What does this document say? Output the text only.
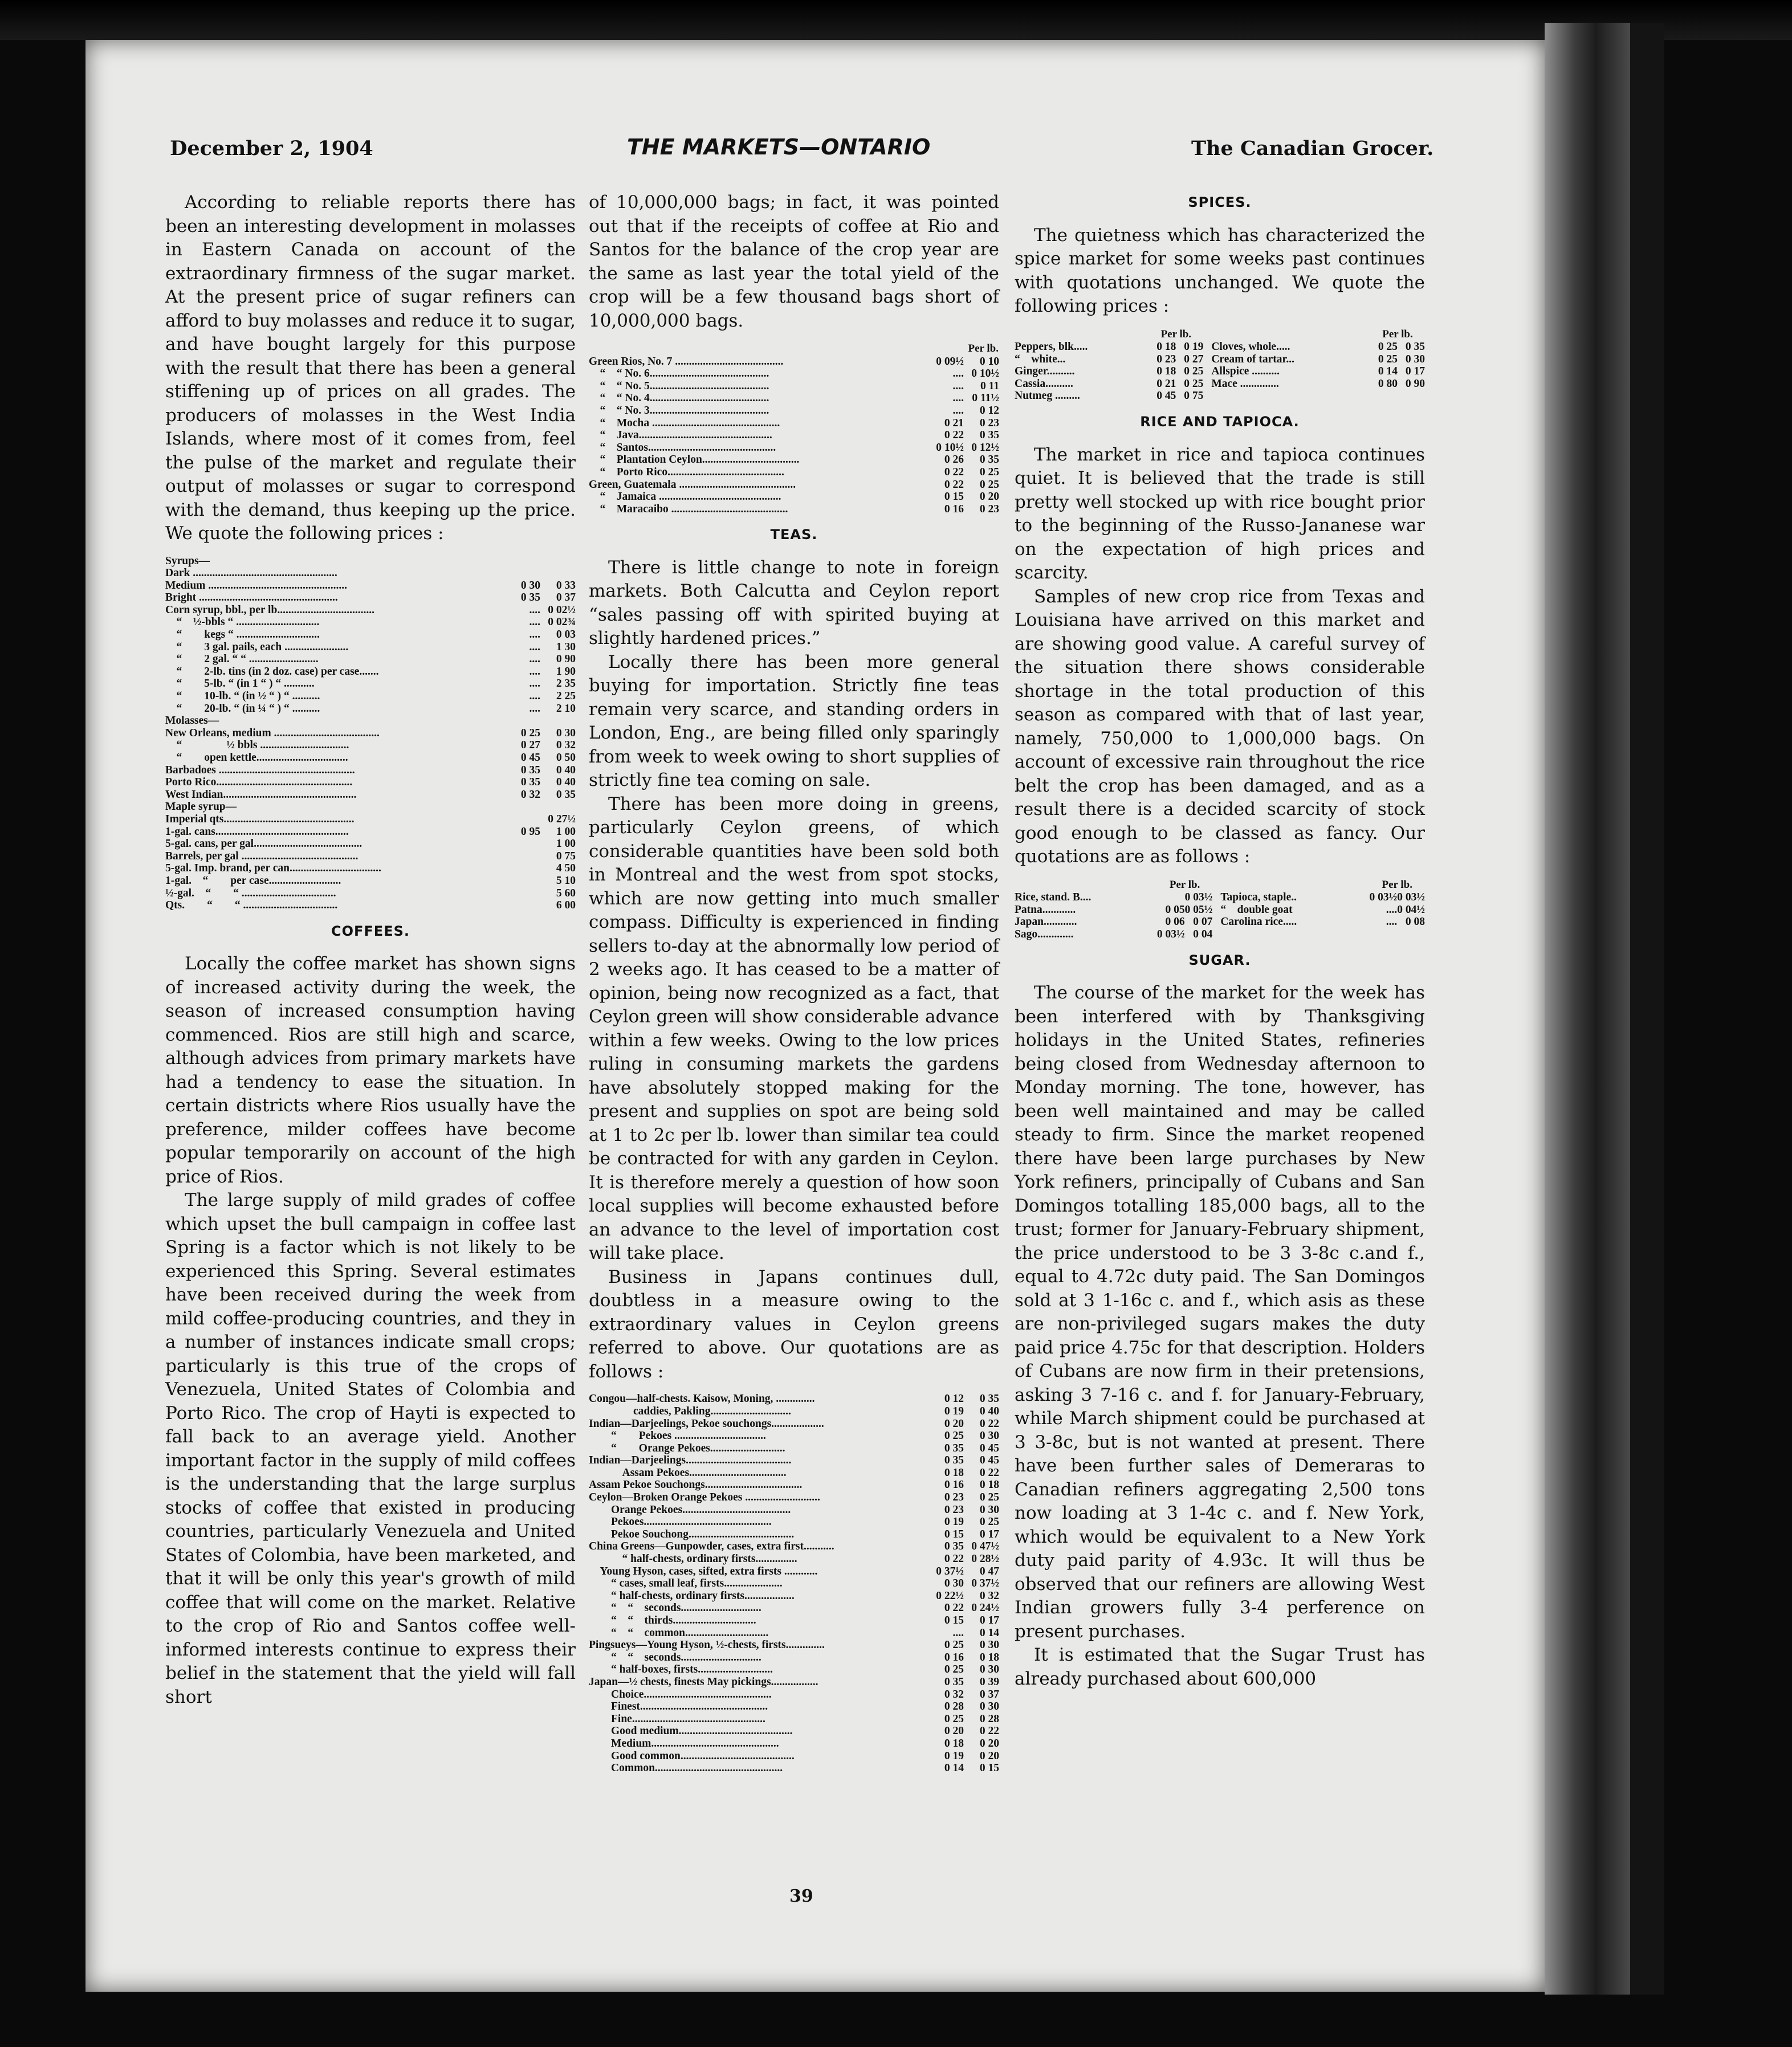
December 2, 1904	THE MARKETS—ONTARIO	The Canadian Grocer.

According to reliable reports there has been an interesting development in molasses in Eastern Canada on account of the extraordinary firmness of the sugar market. At the present price of sugar refiners can afford to buy molasses and reduce it to sugar, and have bought largely for this purpose with the result that there has been a general stiffening up of prices on all grades. The producers of molasses in the West India Islands, where most of it comes from, feel the pulse of the market and regulate their output of molasses or sugar to correspond with the demand, thus keeping up the price. We quote the following prices :

Syrups—		
Dark ....................................................		
Medium ..................................................	0 30	0 33
Bright ..................................................	0 35	0 37
Corn syrup, bbl., per lb...................................	....	0 02½
 “ ½-bbls “ ..............................	....	0 02¾
 “  kegs “ ..............................	....	0 03
 “  3 gal. pails, each .......................	....	1 30
 “  2 gal. “ “ .........................	....	0 90
 “  2-lb. tins (in 2 doz. case) per case.......	....	1 90
 “  5-lb. “ (in 1 “ ) “ ...........	....	2 35
 “  10-lb. “ (in ½ “ ) “ ..........	....	2 25
 “  20-lb. “ (in ¼ “ ) “ ..........	....	2 10
Molasses—		
New Orleans, medium ......................................	0 25	0 30
 “    ½ bbls ................................	0 27	0 32
 “  open kettle.................................	0 45	0 50
Barbadoes .................................................	0 35	0 40
Porto Rico.................................................	0 35	0 40
West Indian................................................	0 32	0 35
Maple syrup—		
Imperial qts...............................................		0 27½
1-gal. cans................................................	0 95	1 00
5-gal. cans, per gal.......................................		1 00
Barrels, per gal ..........................................		0 75
5-gal. Imp. brand, per can.................................		4 50
1-gal. “  per case..........................		5 10
½-gal. “  “ ..................................		5 60
Qts.  “  “ ..................................		6 00
COFFEES.

Locally the coffee market has shown signs of increased activity during the week, the season of increased consumption having commenced. Rios are still high and scarce, although advices from primary markets have had a tendency to ease the situation. In certain districts where Rios usually have the preference, milder coffees have become popular temporarily on account of the high price of Rios.

The large supply of mild grades of coffee which upset the bull campaign in coffee last Spring is a factor which is not likely to be experienced this Spring. Several estimates have been received during the week from mild coffee-producing countries, and they in a number of instances indicate small crops; particularly is this true of the crops of Venezuela, United States of Colombia and Porto Rico. The crop of Hayti is expected to fall back to an average yield. Another important factor in the supply of mild coffees is the understanding that the large surplus stocks of coffee that existed in producing countries, particularly Venezuela and United States of Colombia, have been marketed, and that it will be only this year's growth of mild coffee that will come on the market. Relative to the crop of Rio and Santos coffee well-informed interests continue to express their belief in the statement that the yield will fall short

of 10,000,000 bags; in fact, it was pointed out that if the receipts of coffee at Rio and Santos for the balance of the crop year are the same as last year the total yield of the crop will be a few thousand bags short of 10,000,000 bags.

	Per lb.	
Green Rios, No. 7 .......................................	0 09½	0 10
 “ “ No. 6...........................................	....	0 10½
 “ “ No. 5...........................................	....	0 11
 “ “ No. 4...........................................	....	0 11½
 “ “ No. 3...........................................	....	0 12
 “ Mocha ..............................................	0 21	0 23
 “ Java................................................	0 22	0 35
 “ Santos..............................................	0 10½	0 12½
 “ Plantation Ceylon...................................	0 26	0 35
 “ Porto Rico..........................................	0 22	0 25
Green, Guatemala ..........................................	0 22	0 25
 “ Jamaica ............................................	0 15	0 20
 “ Maracaibo ..........................................	0 16	0 23
TEAS.

There is little change to note in foreign markets. Both Calcutta and Ceylon report “sales passing off with spirited buying at slightly hardened prices.”

Locally there has been more general buying for importation. Strictly fine teas remain very scarce, and standing orders in London, Eng., are being filled only sparingly from week to week owing to short supplies of strictly fine tea coming on sale.

There has been more doing in greens, particularly Ceylon greens, of which considerable quantities have been sold both in Montreal and the west from spot stocks, which are now getting into much smaller compass. Difficulty is experienced in finding sellers to-day at the abnormally low period of 2 weeks ago. It has ceased to be a matter of opinion, being now recognized as a fact, that Ceylon green will show considerable advance within a few weeks. Owing to the low prices ruling in consuming markets the gardens have absolutely stopped making for the present and supplies on spot are being sold at 1 to 2c per lb. lower than similar tea could be contracted for with any garden in Ceylon. It is therefore merely a question of how soon local supplies will become exhausted before an advance to the level of importation cost will take place.

Business in Japans continues dull, doubtless in a measure owing to the extraordinary values in Ceylon greens referred to above. Our quotations are as follows :

Congou—half-chests. Kaisow, Moning, ..............	0 12	0 35
    caddies, Pakling.............................	0 19	0 40
Indian—Darjeelings, Pekoe souchongs...................	0 20	0 22
  “  Pekoes .................................	0 25	0 30
  “  Orange Pekoes...........................	0 35	0 45
Indian—Darjeelings......................................	0 35	0 45
   Assam Pekoes...................................	0 18	0 22
Assam Pekoe Souchongs...................................	0 16	0 18
Ceylon—Broken Orange Pekoes ...........................	0 23	0 25
  Orange Pekoes.......................................	0 23	0 30
  Pekoes..............................................	0 19	0 25
  Pekoe Souchong......................................	0 15	0 17
China Greens—Gunpowder, cases, extra first...........	0 35	0 47½
   “ half-chests, ordinary firsts...............	0 22	0 28½
 Young Hyson, cases, sifted, extra firsts ............	0 37½	0 47
  “ cases, small leaf, firsts.....................	0 30	0 37½
  “ half-chests, ordinary firsts..................	0 22½	0 32
  “ “ seconds.............................	0 22	0 24½
  “ “ thirds..............................	0 15	0 17
  “ “ common..............................	....	0 14
Pingsueys—Young Hyson, ½-chests, firsts..............	0 25	0 30
  “ “ seconds.............................	0 16	0 18
  “ half-boxes, firsts...........................	0 25	0 30
Japan—½ chests, finests May pickings.................	0 35	0 39
  Choice..............................................	0 32	0 37
  Finest..............................................	0 28	0 30
  Fine................................................	0 25	0 28
  Good medium.........................................	0 20	0 22
  Medium..............................................	0 18	0 20
  Good common.........................................	0 19	0 20
  Common..............................................	0 14	0 15
SPICES.

The quietness which has characterized the spice market for some weeks past continues with quotations unchanged. We quote the following prices :

	Per lb.			Per lb.	
Peppers, blk.....	0 18	0 19	Cloves, whole.....	0 25	0 35
“ white...	0 23	0 27	Cream of tartar...	0 25	0 30
Ginger..........	0 18	0 25	Allspice ..........	0 14	0 17
Cassia..........	0 21	0 25	Mace ..............	0 80	0 90
Nutmeg .........	0 45	0 75			
RICE AND TAPIOCA.

The market in rice and tapioca continues quiet. It is believed that the trade is still pretty well stocked up with rice bought prior to the beginning of the Russo-Jananese war on the expectation of high prices and scarcity.

Samples of new crop rice from Texas and Louisiana have arrived on this market and are showing good value. A careful survey of the situation there shows considerable shortage in the total production of this season as compared with that of last year, namely, 750,000 to 1,000,000 bags. On account of excessive rain throughout the rice belt the crop has been damaged, and as a result there is a decided scarcity of stock good enough to be classed as fancy. Our quotations are as follows :

	Per lb.			Per lb.	
Rice, stand. B....		0 03½	Tapioca, staple..	0 03½	0 03½
Patna............	0 05	0 05½	“ double goat	....	0 04½
Japan............	0 06	0 07	Carolina rice.....	....	0 08
Sago.............	0 03½	0 04			
SUGAR.

The course of the market for the week has been interfered with by Thanksgiving holidays in the United States, refineries being closed from Wednesday afternoon to Monday morning. The tone, however, has been well maintained and may be called steady to firm. Since the market reopened there have been large purchases by New York refiners, principally of Cubans and San Domingos totalling 185,000 bags, all to the trust; former for January-February shipment, the price understood to be 3 3-8c c.and f., equal to 4.72c duty paid. The San Domingos sold at 3 1-16c c. and f., which asis as these are non-privileged sugars makes the duty paid price 4.75c for that description. Holders of Cubans are now firm in their pretensions, asking 3 7-16 c. and f. for January-February, while March shipment could be purchased at 3 3-8c, but is not wanted at present. There have been further sales of Demeraras to Canadian refiners aggregating 2,500 tons now loading at 3 1-4c c. and f. New York, which would be equivalent to a New York duty paid parity of 4.93c. It will thus be observed that our refiners are allowing West Indian growers fully 3-4 perference on present purchases.

It is estimated that the Sugar Trust has already purchased about 600,000

39
